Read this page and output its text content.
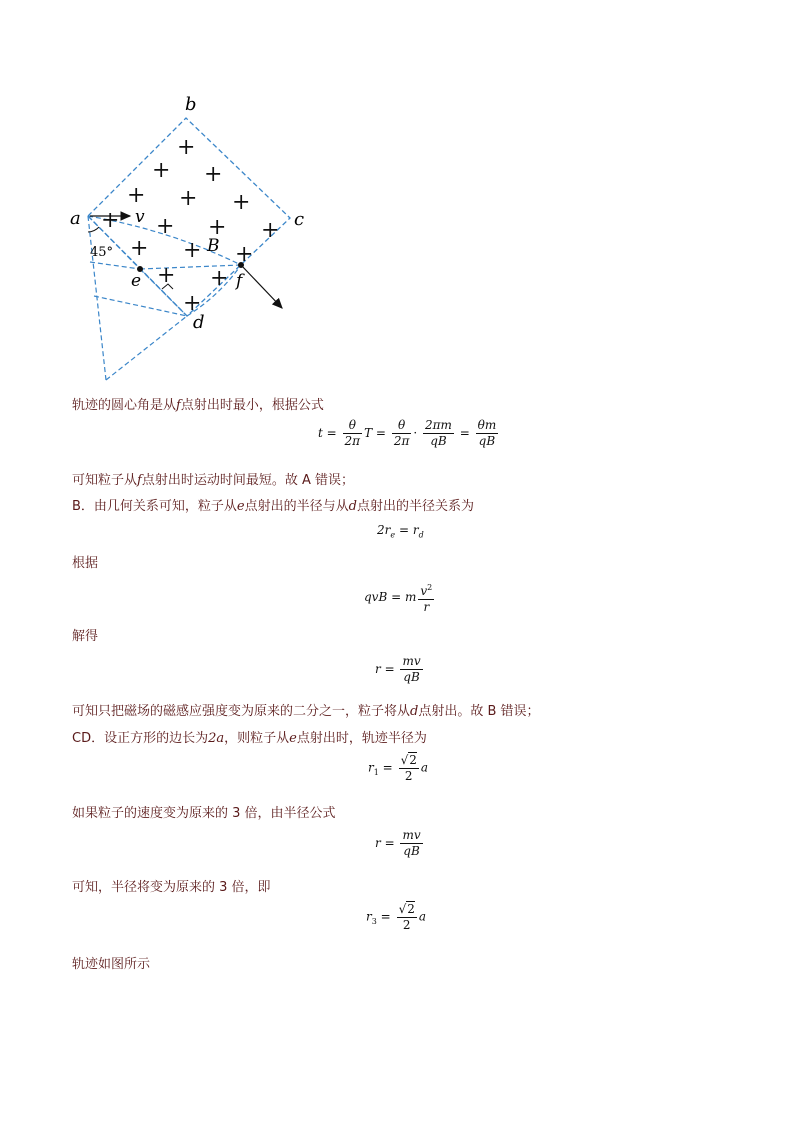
b
c
a
d
e	f
v
B
45°
+
+ +
+ + +
+ + + +
+ + +
+ +
+
轨迹的圆心角是从f点射出时最小，根据公式
$t = \frac{\theta}{2\pi}$ $T = \frac{\theta}{2\pi} \cdot \frac{2\pi m}{qB} = \frac{\theta m}{qB}$
可知粒子从f点射出时运动时间最短。故 A 错误；
B．由几何关系可知，粒子从e点射出的半径与从d点射出的半径关系为
$2r_e = r_d$
根据
qvB = m $\frac{v^2}{r}$
解得
$r = \frac{mv}{qB}$
可知只把磁场的磁感应强度变为原来的二分之一，粒子将从d点射出。故 B 错误；
CD．设正方形的边长为2a，则粒子从e点射出时，轨迹半径为
$r_1 = \frac{√2}{2}$ a
如果粒子的速度变为原来的 3 倍，由半径公式
$r = \frac{mv}{qB}$
可知，半径将变为原来的 3 倍，即
$r_3 = \frac{√2}{2}$ a
轨迹如图所示
